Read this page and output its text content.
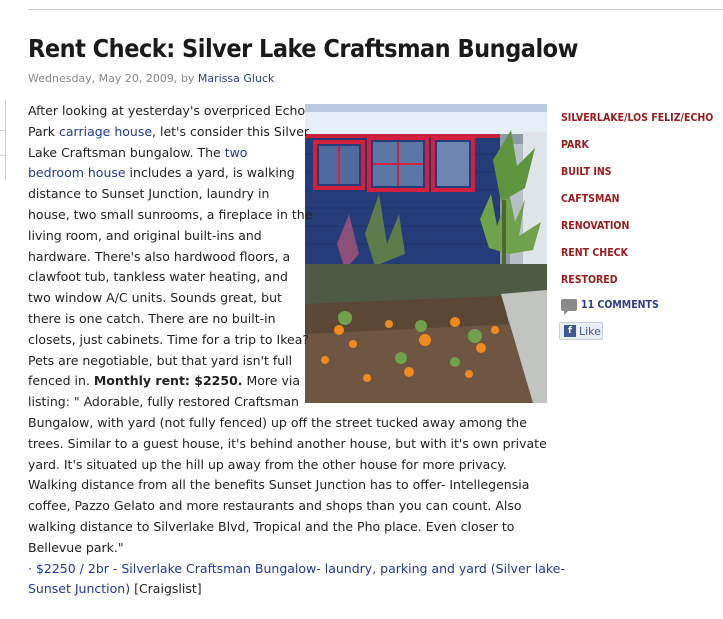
Rent Check: Silver Lake Craftsman Bungalow
Wednesday, May 20, 2009, by Marissa Gluck
After looking at yesterday's overpriced Echo
Park carriage house, let's consider this Silver
Lake Craftsman bungalow. The two
bedroom house includes a yard, is walking
distance to Sunset Junction, laundry in
house, two small sunrooms, a fireplace in the
living room, and original built-ins and
hardware. There's also hardwood floors, a
clawfoot tub, tankless water heating, and
two window A/C units. Sounds great, but
there is one catch. There are no built-in
closets, just cabinets. Time for a trip to Ikea?
Pets are negotiable, but that yard isn't full
fenced in. Monthly rent: $2250. More via
listing: " Adorable, fully restored Craftsman
Bungalow, with yard (not fully fenced) up off the street tucked away among the
trees. Similar to a guest house, it's behind another house, but with it's own private
yard. It's situated up the hill up away from the other house for more privacy.
Walking distance from all the benefits Sunset Junction has to offer- Intellegensia
coffee, Pazzo Gelato and more restaurants and shops than you can count. Also
walking distance to Silverlake Blvd, Tropical and the Pho place. Even closer to
Bellevue park."
· $2250 / 2br - Silverlake Craftsman Bungalow- laundry, parking and yard (Silver lake-
Sunset Junction) [Craigslist]
SILVERLAKE/LOS FELIZ/ECHO
PARK
BUILT INS
CAFTSMAN
RENOVATION
RENT CHECK
RESTORED
11 COMMENTS
f Like
